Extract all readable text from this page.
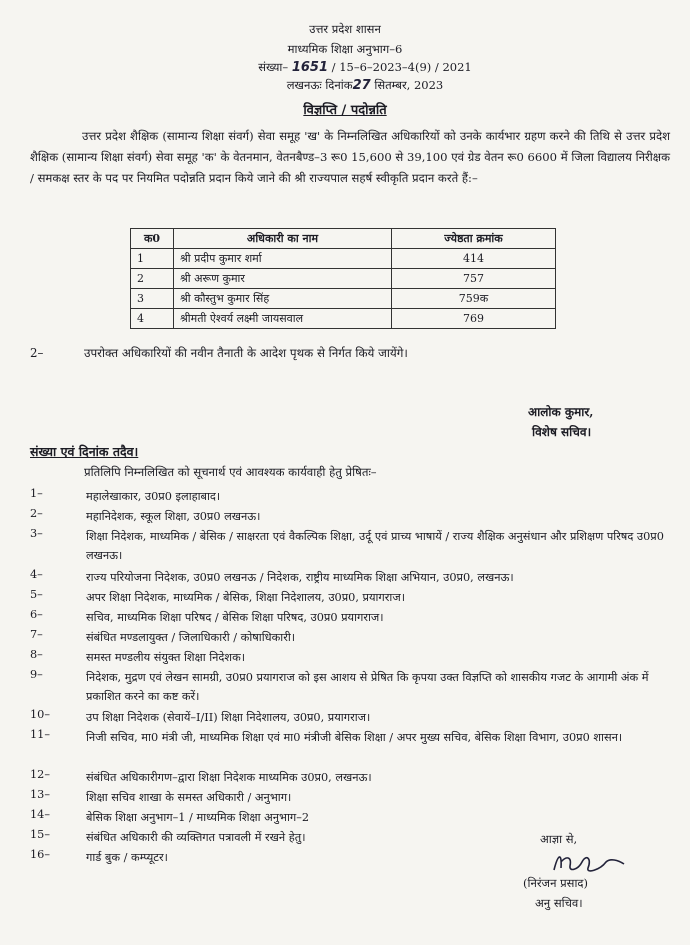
उत्तर प्रदेश शासन
माध्यमिक शिक्षा अनुभाग–6
संख्या– 1651 / 15–6–2023–4(9) / 2021
लखनऊः दिनांक27 सितम्बर, 2023
विज्ञप्ति / पदोन्नति
उत्तर प्रदेश शैक्षिक (सामान्य शिक्षा संवर्ग) सेवा समूह 'ख' के निम्नलिखित अधिकारियों को उनके कार्यभार ग्रहण करने की तिथि से उत्तर प्रदेश शैक्षिक (सामान्य शिक्षा संवर्ग) सेवा समूह 'क' के वेतनमान, वेतनबैण्ड–3 रू0 15,600 से 39,100 एवं ग्रेड वेतन रू0 6600 में जिला विद्यालय निरीक्षक / समकक्ष स्तर के पद पर नियमित पदोन्नति प्रदान किये जाने की श्री राज्यपाल सहर्ष स्वीकृति प्रदान करते हैं:–
क0	अधिकारी का नाम	ज्येष्ठता क्रमांक
1	श्री प्रदीप कुमार शर्मा	414
2	श्री अरूण कुमार	757
3	श्री कौस्तुभ कुमार सिंह	759क
4	श्रीमती ऐश्वर्य लक्ष्मी जायसवाल	769
2–	उपरोक्त अधिकारियों की नवीन तैनाती के आदेश पृथक से निर्गत किये जायेंगे।
आलोक कुमार,
विशेष सचिव।
संख्या एवं दिनांक तदैव।
प्रतिलिपि निम्नलिखित को सूचनार्थ एवं आवश्यक कार्यवाही हेतु प्रेषितः–
1–	महालेखाकार, उ0प्र0 इलाहाबाद।
2–	महानिदेशक, स्कूल शिक्षा, उ0प्र0 लखनऊ।
3–	शिक्षा निदेशक, माध्यमिक / बेसिक / साक्षरता एवं वैकल्पिक शिक्षा, उर्दू एवं प्राच्य भाषायें / राज्य शैक्षिक अनुसंधान और प्रशिक्षण परिषद उ0प्र0 लखनऊ।
4–	राज्य परियोजना निदेशक, उ0प्र0 लखनऊ / निदेशक, राष्ट्रीय माध्यमिक शिक्षा अभियान, उ0प्र0, लखनऊ।
5–	अपर शिक्षा निदेशक, माध्यमिक / बेसिक, शिक्षा निदेशालय, उ0प्र0, प्रयागराज।
6–	सचिव, माध्यमिक शिक्षा परिषद / बेसिक शिक्षा परिषद, उ0प्र0 प्रयागराज।
7–	संबंधित मण्डलायुक्त / जिलाधिकारी / कोषाधिकारी।
8–	समस्त मण्डलीय संयुक्त शिक्षा निदेशक।
9–	निदेशक, मुद्रण एवं लेखन सामग्री, उ0प्र0 प्रयागराज को इस आशय से प्रेषित कि कृपया उक्त विज्ञप्ति को शासकीय गजट के आगामी अंक में प्रकाशित करने का कष्ट करें।
10–	उप शिक्षा निदेशक (सेवायें–I/II) शिक्षा निदेशालय, उ0प्र0, प्रयागराज।
11–	निजी सचिव, मा0 मंत्री जी, माध्यमिक शिक्षा एवं मा0 मंत्रीजी बेसिक शिक्षा / अपर मुख्य सचिव, बेसिक शिक्षा विभाग, उ0प्र0 शासन।
12–	संबंधित अधिकारीगण–द्वारा शिक्षा निदेशक माध्यमिक उ0प्र0, लखनऊ।
13–	शिक्षा सचिव शाखा के समस्त अधिकारी / अनुभाग।
14–	बेसिक शिक्षा अनुभाग–1 / माध्यमिक शिक्षा अनुभाग–2
15–	संबंधित अधिकारी की व्यक्तिगत पत्रावली में रखने हेतु।
16–	गार्ड बुक / कम्प्यूटर।
आज्ञा से,
(निरंजन प्रसाद)
अनु सचिव।
